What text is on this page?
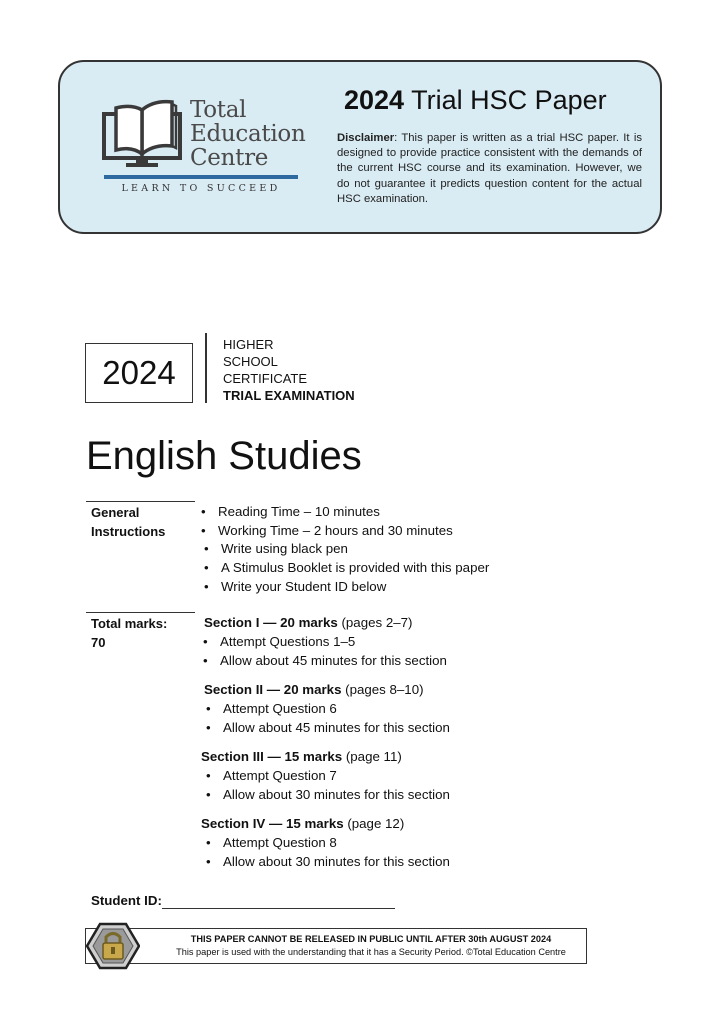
Total
Education
Centre
LEARN TO SUCCEED
2024 Trial HSC Paper
Disclaimer: This paper is written as a trial HSC paper. It is designed to provide practice consistent with the demands of the current HSC course and its examination. However, we do not guarantee it predicts question content for the actual HSC examination.
2024
HIGHER
SCHOOL
CERTIFICATE
TRIAL EXAMINATION
English Studies
General
Instructions
• Reading Time – 10 minutes
• Working Time – 2 hours and 30 minutes
• Write using black pen
• A Stimulus Booklet is provided with this paper
• Write your Student ID below
Total marks:
70
Section I — 20 marks (pages 2–7)
• Attempt Questions 1–5
• Allow about 45 minutes for this section
Section II — 20 marks (pages 8–10)
• Attempt Question 6
• Allow about 45 minutes for this section
Section III — 15 marks (page 11)
• Attempt Question 7
• Allow about 30 minutes for this section
Section IV — 15 marks (page 12)
• Attempt Question 8
• Allow about 30 minutes for this section
Student ID:
THIS PAPER CANNOT BE RELEASED IN PUBLIC UNTIL AFTER 30th AUGUST 2024
This paper is used with the understanding that it has a Security Period. ©Total Education Centre
